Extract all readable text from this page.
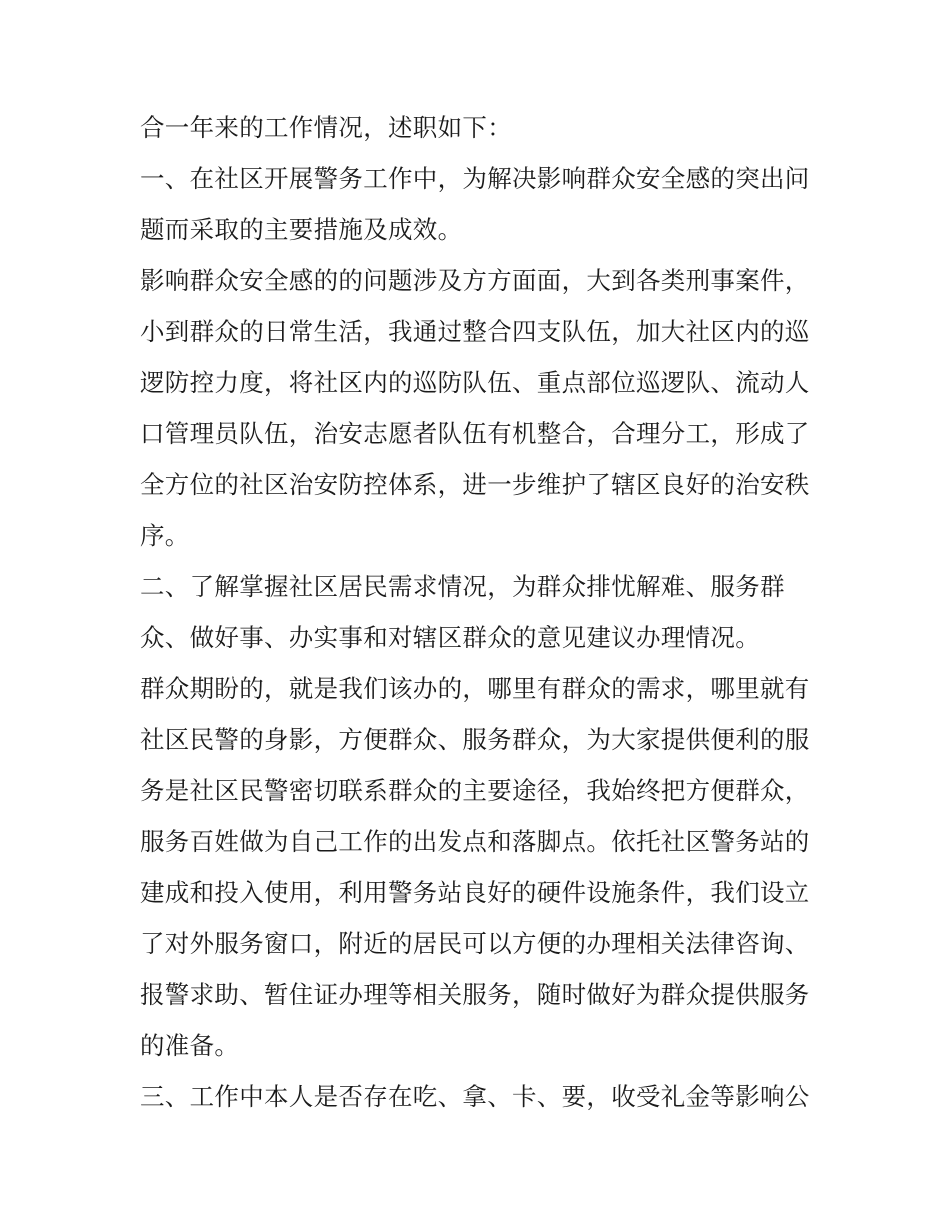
合一年来的工作情况，述职如下：
一、在社区开展警务工作中，为解决影响群众安全感的突出问
题而采取的主要措施及成效。
影响群众安全感的的问题涉及方方面面，大到各类刑事案件，
小到群众的日常生活，我通过整合四支队伍，加大社区内的巡
逻防控力度，将社区内的巡防队伍、重点部位巡逻队、流动人
口管理员队伍，治安志愿者队伍有机整合，合理分工，形成了
全方位的社区治安防控体系，进一步维护了辖区良好的治安秩
序。
二、了解掌握社区居民需求情况，为群众排忧解难、服务群
众、做好事、办实事和对辖区群众的意见建议办理情况。
群众期盼的，就是我们该办的，哪里有群众的需求，哪里就有
社区民警的身影，方便群众、服务群众，为大家提供便利的服
务是社区民警密切联系群众的主要途径，我始终把方便群众，
服务百姓做为自己工作的出发点和落脚点。依托社区警务站的
建成和投入使用，利用警务站良好的硬件设施条件，我们设立
了对外服务窗口，附近的居民可以方便的办理相关法律咨询、
报警求助、暂住证办理等相关服务，随时做好为群众提供服务
的准备。
三、工作中本人是否存在吃、拿、卡、要，收受礼金等影响公
